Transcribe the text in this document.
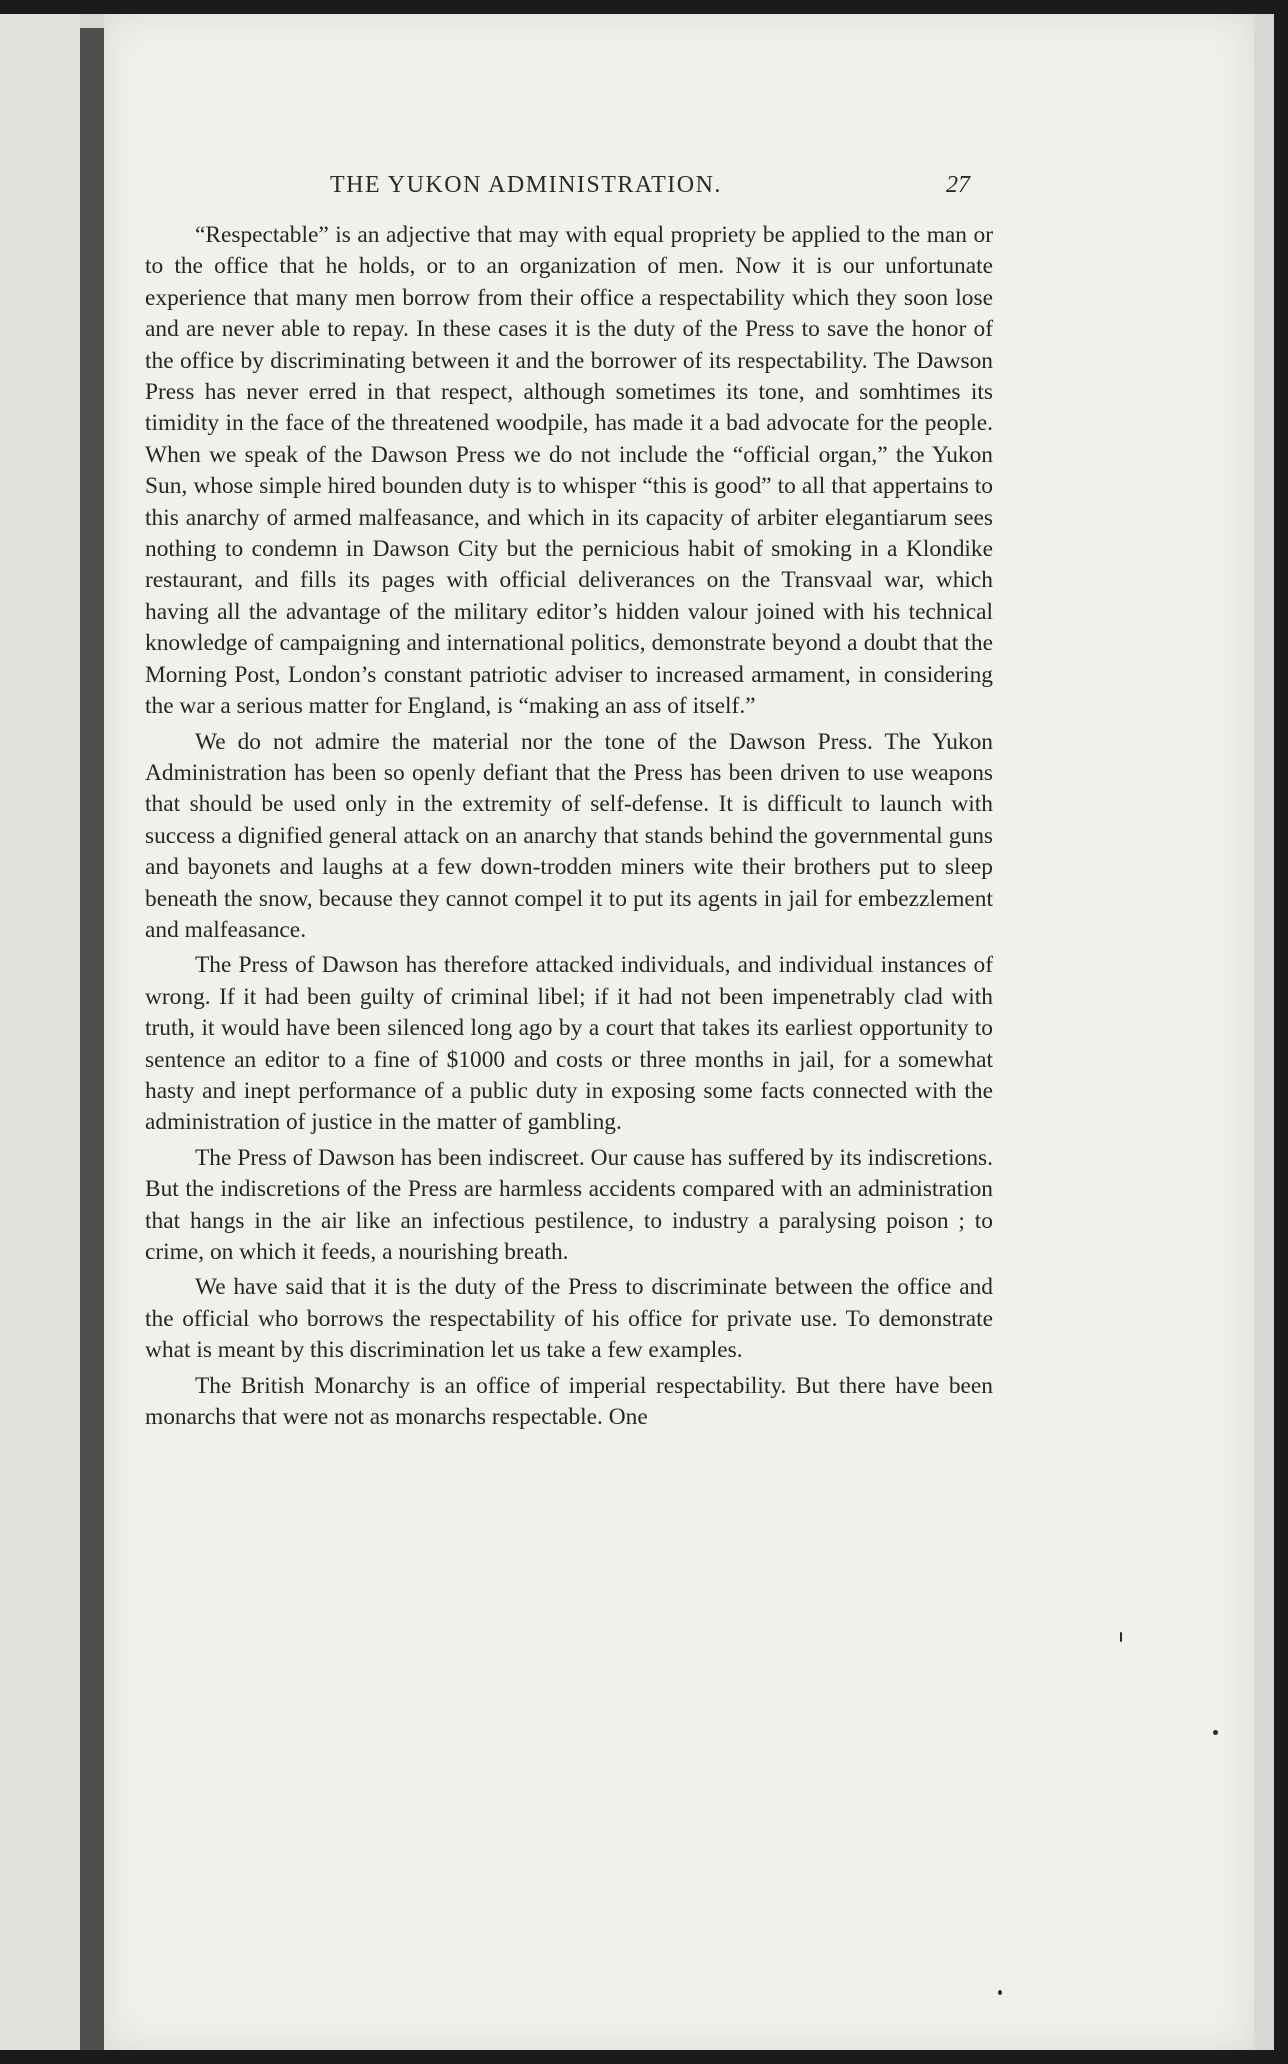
THE YUKON ADMINISTRATION.	27

“Respectable” is an adjective that may with equal propriety be applied to the man or to the office that he holds, or to an organization of men. Now it is our unfortunate experience that many men borrow from their office a respectability which they soon lose and are never able to repay. In these cases it is the duty of the Press to save the honor of the office by discriminating between it and the borrower of its respectability. The Dawson Press has never erred in that respect, although sometimes its tone, and somhtimes its timidity in the face of the threatened woodpile, has made it a bad advocate for the people. When we speak of the Dawson Press we do not include the “official organ,” the Yukon Sun, whose simple hired bounden duty is to whisper “this is good” to all that appertains to this anarchy of armed malfeasance, and which in its capacity of arbiter elegantiarum sees nothing to condemn in Dawson City but the pernicious habit of smoking in a Klondike restaurant, and fills its pages with official deliverances on the Transvaal war, which having all the advantage of the military editor’s hidden valour joined with his technical knowledge of campaigning and international politics, demonstrate beyond a doubt that the Morning Post, London’s constant patriotic adviser to increased armament, in considering the war a serious matter for England, is “making an ass of itself.”

We do not admire the material nor the tone of the Dawson Press. The Yukon Administration has been so openly defiant that the Press has been driven to use weapons that should be used only in the extremity of self-defense. It is difficult to launch with success a dignified general attack on an anarchy that stands behind the governmental guns and bayonets and laughs at a few down-trodden miners wite their brothers put to sleep beneath the snow, because they cannot compel it to put its agents in jail for embezzlement and malfeasance.

The Press of Dawson has therefore attacked individuals, and individual instances of wrong. If it had been guilty of criminal libel; if it had not been impenetrably clad with truth, it would have been silenced long ago by a court that takes its earliest opportunity to sentence an editor to a fine of $1000 and costs or three months in jail, for a somewhat hasty and inept performance of a public duty in exposing some facts connected with the administration of justice in the matter of gambling.

The Press of Dawson has been indiscreet. Our cause has suffered by its indiscretions. But the indiscretions of the Press are harmless accidents compared with an administration that hangs in the air like an infectious pestilence, to industry a paralysing poison ; to crime, on which it feeds, a nourishing breath.

We have said that it is the duty of the Press to discriminate between the office and the official who borrows the respectability of his office for private use. To demonstrate what is meant by this discrimination let us take a few examples.

The British Monarchy is an office of imperial respectability. But there have been monarchs that were not as monarchs respectable. One
